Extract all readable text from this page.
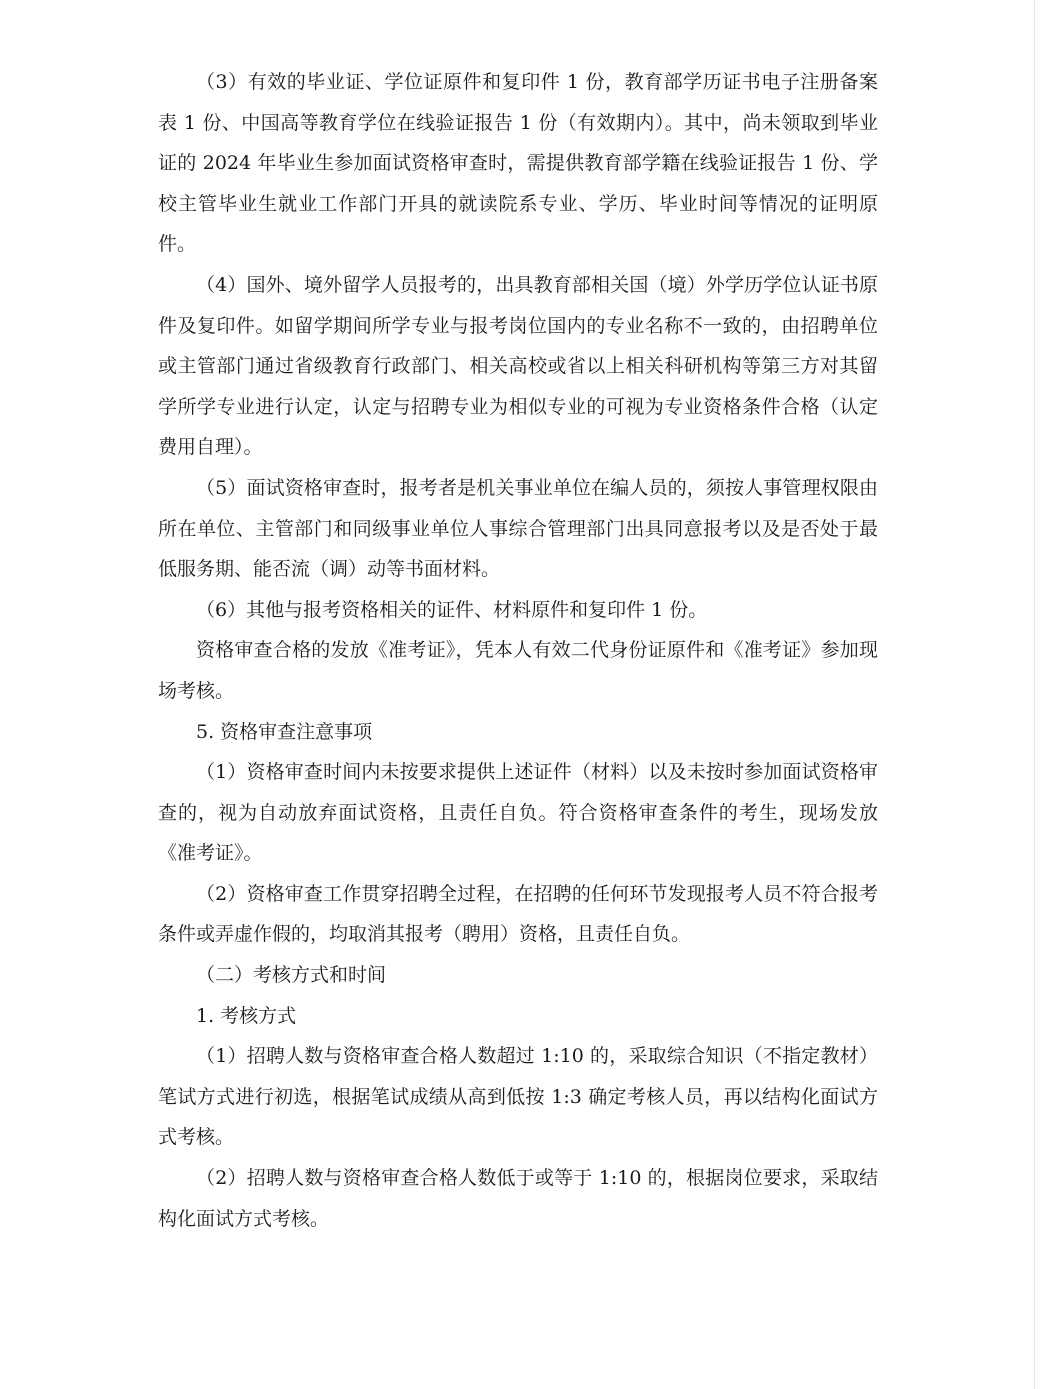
（3）有效的毕业证、学位证原件和复印件 1 份，教育部学历证书电子注册备案表 1 份、中国高等教育学位在线验证报告 1 份（有效期内）。其中，尚未领取到毕业证的 2024 年毕业生参加面试资格审查时，需提供教育部学籍在线验证报告 1 份、学校主管毕业生就业工作部门开具的就读院系专业、学历、毕业时间等情况的证明原件。

（4）国外、境外留学人员报考的，出具教育部相关国（境）外学历学位认证书原件及复印件。如留学期间所学专业与报考岗位国内的专业名称不一致的，由招聘单位或主管部门通过省级教育行政部门、相关高校或省以上相关科研机构等第三方对其留学所学专业进行认定，认定与招聘专业为相似专业的可视为专业资格条件合格（认定费用自理）。

（5）面试资格审查时，报考者是机关事业单位在编人员的，须按人事管理权限由所在单位、主管部门和同级事业单位人事综合管理部门出具同意报考以及是否处于最低服务期、能否流（调）动等书面材料。

（6）其他与报考资格相关的证件、材料原件和复印件 1 份。

资格审查合格的发放《准考证》，凭本人有效二代身份证原件和《准考证》参加现场考核。

5. 资格审查注意事项

（1）资格审查时间内未按要求提供上述证件（材料）以及未按时参加面试资格审查的，视为自动放弃面试资格，且责任自负。符合资格审查条件的考生，现场发放《准考证》。

（2）资格审查工作贯穿招聘全过程，在招聘的任何环节发现报考人员不符合报考条件或弄虚作假的，均取消其报考（聘用）资格，且责任自负。

（二）考核方式和时间

1. 考核方式

（1）招聘人数与资格审查合格人数超过 1:10 的，采取综合知识（不指定教材）笔试方式进行初选，根据笔试成绩从高到低按 1:3 确定考核人员，再以结构化面试方式考核。

（2）招聘人数与资格审查合格人数低于或等于 1:10 的，根据岗位要求，采取结构化面试方式考核。
